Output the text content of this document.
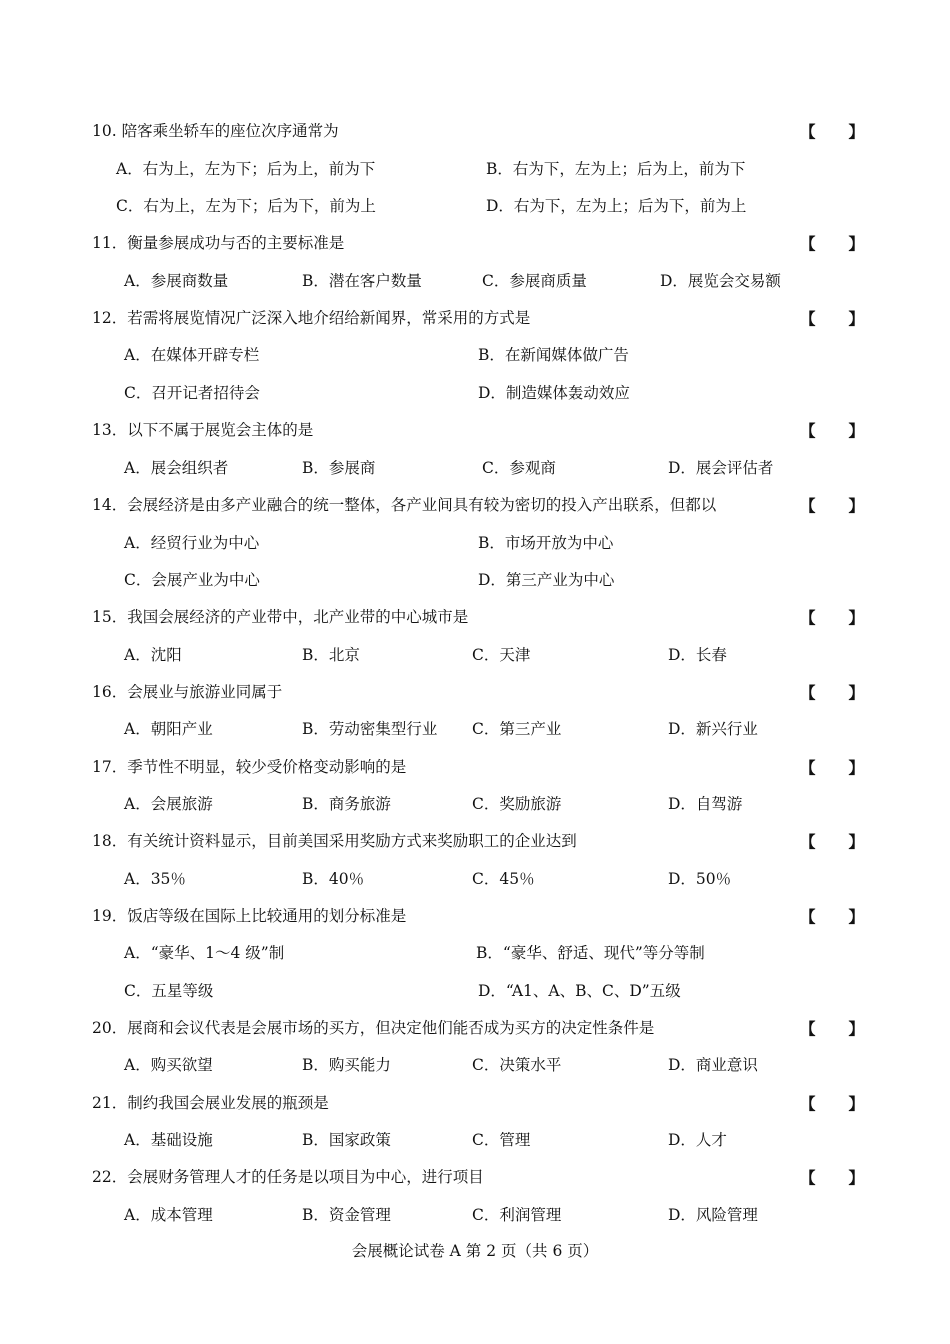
10. 陪客乘坐轿车的座位次序通常为	【 】
A．右为上，左为下；后为上，前为下	B．右为下，左为上；后为上，前为下
C．右为上，左为下；后为下，前为上	D．右为下，左为上；后为下，前为上
11．衡量参展成功与否的主要标准是	【 】
A．参展商数量	B．潜在客户数量	C．参展商质量	D．展览会交易额
12．若需将展览情况广泛深入地介绍给新闻界，常采用的方式是	【 】
A．在媒体开辟专栏	B．在新闻媒体做广告
C．召开记者招待会	D．制造媒体轰动效应
13．以下不属于展览会主体的是	【 】
A．展会组织者	B．参展商	C．参观商	D．展会评估者
14．会展经济是由多产业融合的统一整体，各产业间具有较为密切的投入产出联系，但都以	【 】
A．经贸行业为中心	B．市场开放为中心
C．会展产业为中心	D．第三产业为中心
15．我国会展经济的产业带中，北产业带的中心城市是	【 】
A．沈阳	B．北京	C．天津	D．长春
16．会展业与旅游业同属于	【 】
A．朝阳产业	B．劳动密集型行业 C．第三产业	D．新兴行业
17．季节性不明显，较少受价格变动影响的是	【 】
A．会展旅游	B．商务旅游	C．奖励旅游	D．自驾游
18．有关统计资料显示，目前美国采用奖励方式来奖励职工的企业达到	【 】
A．35％	B．40％	C．45％	D．50％
19．饭店等级在国际上比较通用的划分标准是	【 】
A．“豪华、1～4 级”制	B．“豪华、舒适、现代”等分等制
C．五星等级	D．“A1、A、B、C、D”五级
20．展商和会议代表是会展市场的买方，但决定他们能否成为买方的决定性条件是	【 】
A．购买欲望	B．购买能力	C．决策水平	D．商业意识
21．制约我国会展业发展的瓶颈是	【 】
A．基础设施	B．国家政策	C．管理	D．人才
22．会展财务管理人才的任务是以项目为中心，进行项目	【 】
A．成本管理	B．资金管理	C．利润管理	D．风险管理
会展概论试卷 A 第 2 页（共 6 页）
